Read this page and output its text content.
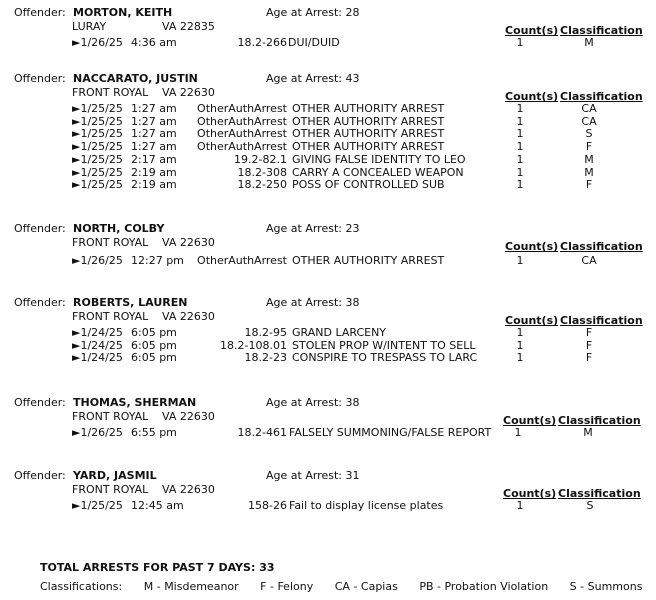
Offender: MORTON, KEITH	Age at Arrest: 28
LURAY	VA 22835	Count(s) Classification
►1/26/25 4:36 am	18.2-266 DUI/DUID	1	M
Offender: NACCARATO, JUSTIN	Age at Arrest: 43
FRONT ROYAL VA 22630	Count(s) Classification
►1/25/25 1:27 am	OtherAuthArrest OTHER AUTHORITY ARREST	1	CA
►1/25/25 1:27 am	OtherAuthArrest OTHER AUTHORITY ARREST	1	CA
►1/25/25 1:27 am	OtherAuthArrest OTHER AUTHORITY ARREST	1	S
►1/25/25 1:27 am	OtherAuthArrest OTHER AUTHORITY ARREST	1	F
►1/25/25 2:17 am	19.2-82.1 GIVING FALSE IDENTITY TO LEO	1	M
►1/25/25 2:19 am	18.2-308 CARRY A CONCEALED WEAPON	1	M
►1/25/25 2:19 am	18.2-250 POSS OF CONTROLLED SUB	1	F
Offender: NORTH, COLBY	Age at Arrest: 23
FRONT ROYAL VA 22630	Count(s) Classification
►1/26/25 12:27 pm	OtherAuthArrest OTHER AUTHORITY ARREST	1	CA
Offender: ROBERTS, LAUREN	Age at Arrest: 38
FRONT ROYAL VA 22630	Count(s) Classification
►1/24/25 6:05 pm	18.2-95 GRAND LARCENY	1	F
►1/24/25 6:05 pm	18.2-108.01 STOLEN PROP W/INTENT TO SELL	1	F
►1/24/25 6:05 pm	18.2-23 CONSPIRE TO TRESPASS TO LARC	1	F
Offender: THOMAS, SHERMAN	Age at Arrest: 38
FRONT ROYAL VA 22630	Count(s) Classification
►1/26/25 6:55 pm	18.2-461 FALSELY SUMMONING/FALSE REPORT	1	M
Offender: YARD, JASMIL	Age at Arrest: 31
FRONT ROYAL VA 22630	Count(s) Classification
►1/25/25 12:45 am	158-26 Fail to display license plates	1	S
TOTAL ARRESTS FOR PAST 7 DAYS: 33
Classifications: M - Misdemeanor F - Felony CA - Capias PB - Probation Violation S - Summons
